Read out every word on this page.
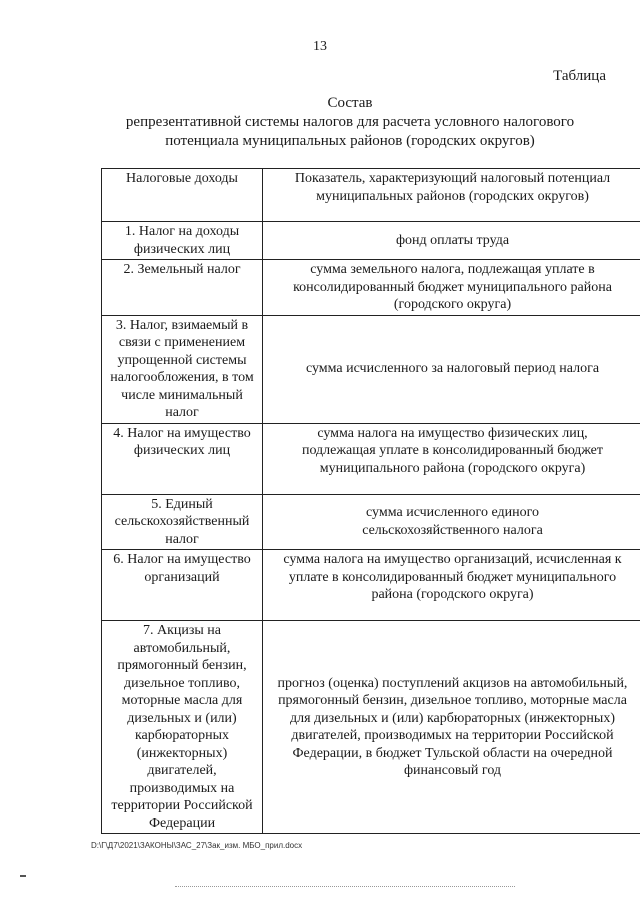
13
Таблица
Состав
репрезентативной системы налогов для расчета условного налогового
потенциала муниципальных районов (городских округов)
Налоговые доходы	Показатель, характеризующий налоговый потенциал муниципальных районов (городских округов)
1. Налог на доходы физических лиц	фонд оплаты труда
2. Земельный налог	сумма земельного налога, подлежащая уплате в консолидированный бюджет муниципального района (городского округа)
3. Налог, взимаемый в связи с применением упрощенной системы налогообложения, в том числе минимальный налог	сумма исчисленного за налоговый период налога
4. Налог на имущество физических лиц	сумма налога на имущество физических лиц, подлежащая уплате в консолидированный бюджет муниципального района (городского округа)
5. Единый сельскохозяйственный налог	сумма исчисленного единого сельскохозяйственного налога
6. Налог на имущество организаций	сумма налога на имущество организаций, исчисленная к уплате в консолидированный бюджет муниципального района (городского округа)
7. Акцизы на автомобильный, прямогонный бензин, дизельное топливо, моторные масла для дизельных и (или) карбюраторных (инжекторных) двигателей, производимых на территории Российской Федерации	прогноз (оценка) поступлений акцизов на автомобильный, прямогонный бензин, дизельное топливо, моторные масла для дизельных и (или) карбюраторных (инжекторных) двигателей, производимых на территории Российской Федерации, в бюджет Тульской области на очередной финансовый год
D:\Г\Д7\2021\ЗАКОНЫ\ЗАС_27\Зак_изм. МБО_прил.docx
